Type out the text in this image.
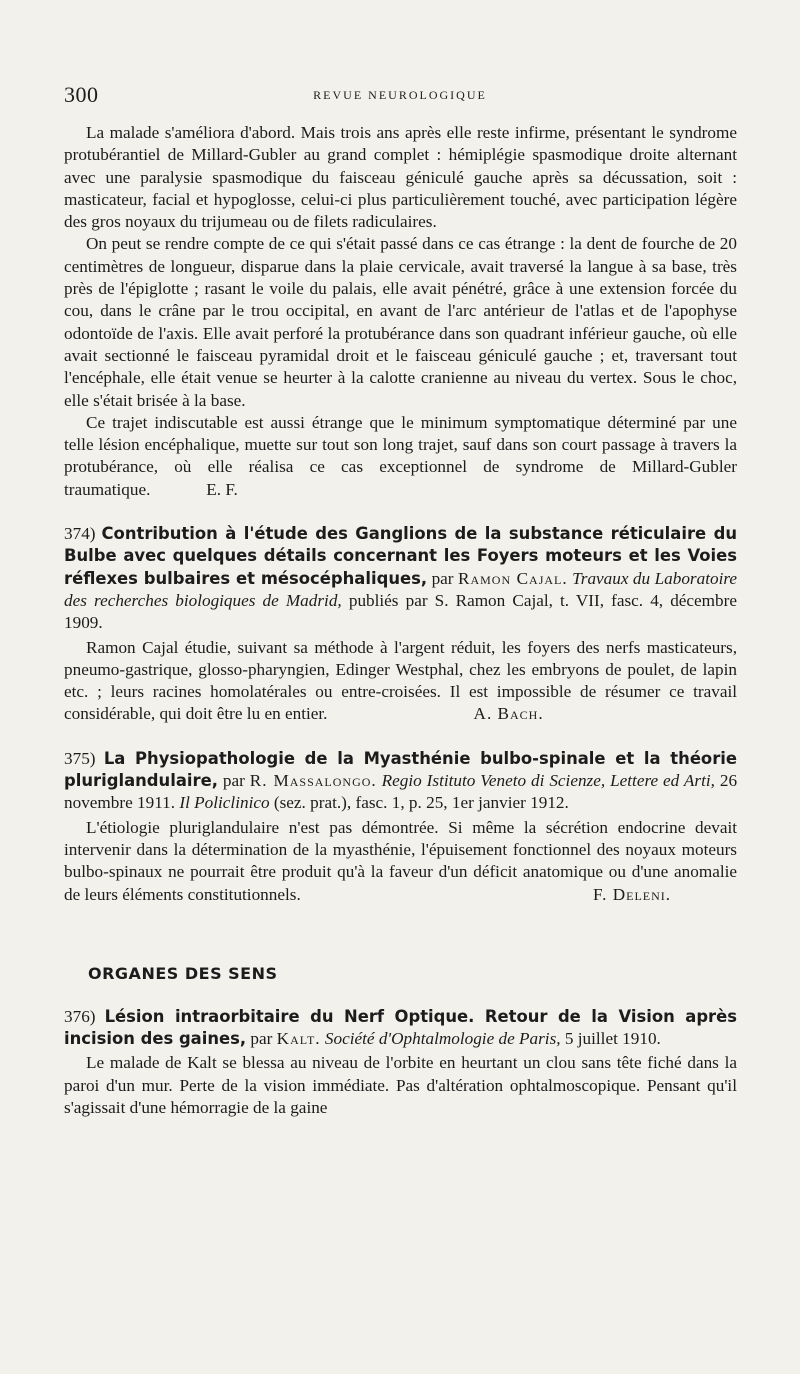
300	REVUE NEUROLOGIQUE

La malade s'améliora d'abord. Mais trois ans après elle reste infirme, présentant le syndrome protubérantiel de Millard-Gubler au grand complet : hémiplégie spasmodique droite alternant avec une paralysie spasmodique du faisceau géniculé gauche après sa décussation, soit : masticateur, facial et hypoglosse, celui-ci plus particulièrement touché, avec participation légère des gros noyaux du trijumeau ou de filets radiculaires.

On peut se rendre compte de ce qui s'était passé dans ce cas étrange : la dent de fourche de 20 centimètres de longueur, disparue dans la plaie cervicale, avait traversé la langue à sa base, très près de l'épiglotte ; rasant le voile du palais, elle avait pénétré, grâce à une extension forcée du cou, dans le crâne par le trou occipital, en avant de l'arc antérieur de l'atlas et de l'apophyse odontoïde de l'axis. Elle avait perforé la protubérance dans son quadrant inférieur gauche, où elle avait sectionné le faisceau pyramidal droit et le faisceau géniculé gauche ; et, traversant tout l'encéphale, elle était venue se heurter à la calotte cranienne au niveau du vertex. Sous le choc, elle s'était brisée à la base.

Ce trajet indiscutable est aussi étrange que le minimum symptomatique déterminé par une telle lésion encéphalique, muette sur tout son long trajet, sauf dans son court passage à travers la protubérance, où elle réalisa ce cas exceptionnel de syndrome de Millard-Gubler traumatique.	E. F.

374) Contribution à l'étude des Ganglions de la substance réticulaire du Bulbe avec quelques détails concernant les Foyers moteurs et les Voies réflexes bulbaires et mésocéphaliques, par Ramon Cajal. Travaux du Laboratoire des recherches biologiques de Madrid, publiés par S. Ramon Cajal, t. VII, fasc. 4, décembre 1909.

Ramon Cajal étudie, suivant sa méthode à l'argent réduit, les foyers des nerfs masticateurs, pneumo-gastrique, glosso-pharyngien, Edinger Westphal, chez les embryons de poulet, de lapin etc. ; leurs racines homolatérales ou entre-croisées. Il est impossible de résumer ce travail considérable, qui doit être lu en entier.	A. Bach.

375) La Physiopathologie de la Myasthénie bulbo-spinale et la théorie pluriglandulaire, par R. Massalongo. Regio Istituto Veneto di Scienze, Lettere ed Arti, 26 novembre 1911. Il Policlinico (sez. prat.), fasc. 1, p. 25, 1er janvier 1912.

L'étiologie pluriglandulaire n'est pas démontrée. Si même la sécrétion endocrine devait intervenir dans la détermination de la myasthénie, l'épuisement fonctionnel des noyaux moteurs bulbo-spinaux ne pourrait être produit qu'à la faveur d'un déficit anatomique ou d'une anomalie de leurs éléments constitutionnels.	F. Deleni.

ORGANES DES SENS
376) Lésion intraorbitaire du Nerf Optique. Retour de la Vision après incision des gaines, par Kalt. Société d'Ophtalmologie de Paris, 5 juillet 1910.

Le malade de Kalt se blessa au niveau de l'orbite en heurtant un clou sans tête fiché dans la paroi d'un mur. Perte de la vision immédiate. Pas d'altération ophtalmoscopique. Pensant qu'il s'agissait d'une hémorragie de la gaine
